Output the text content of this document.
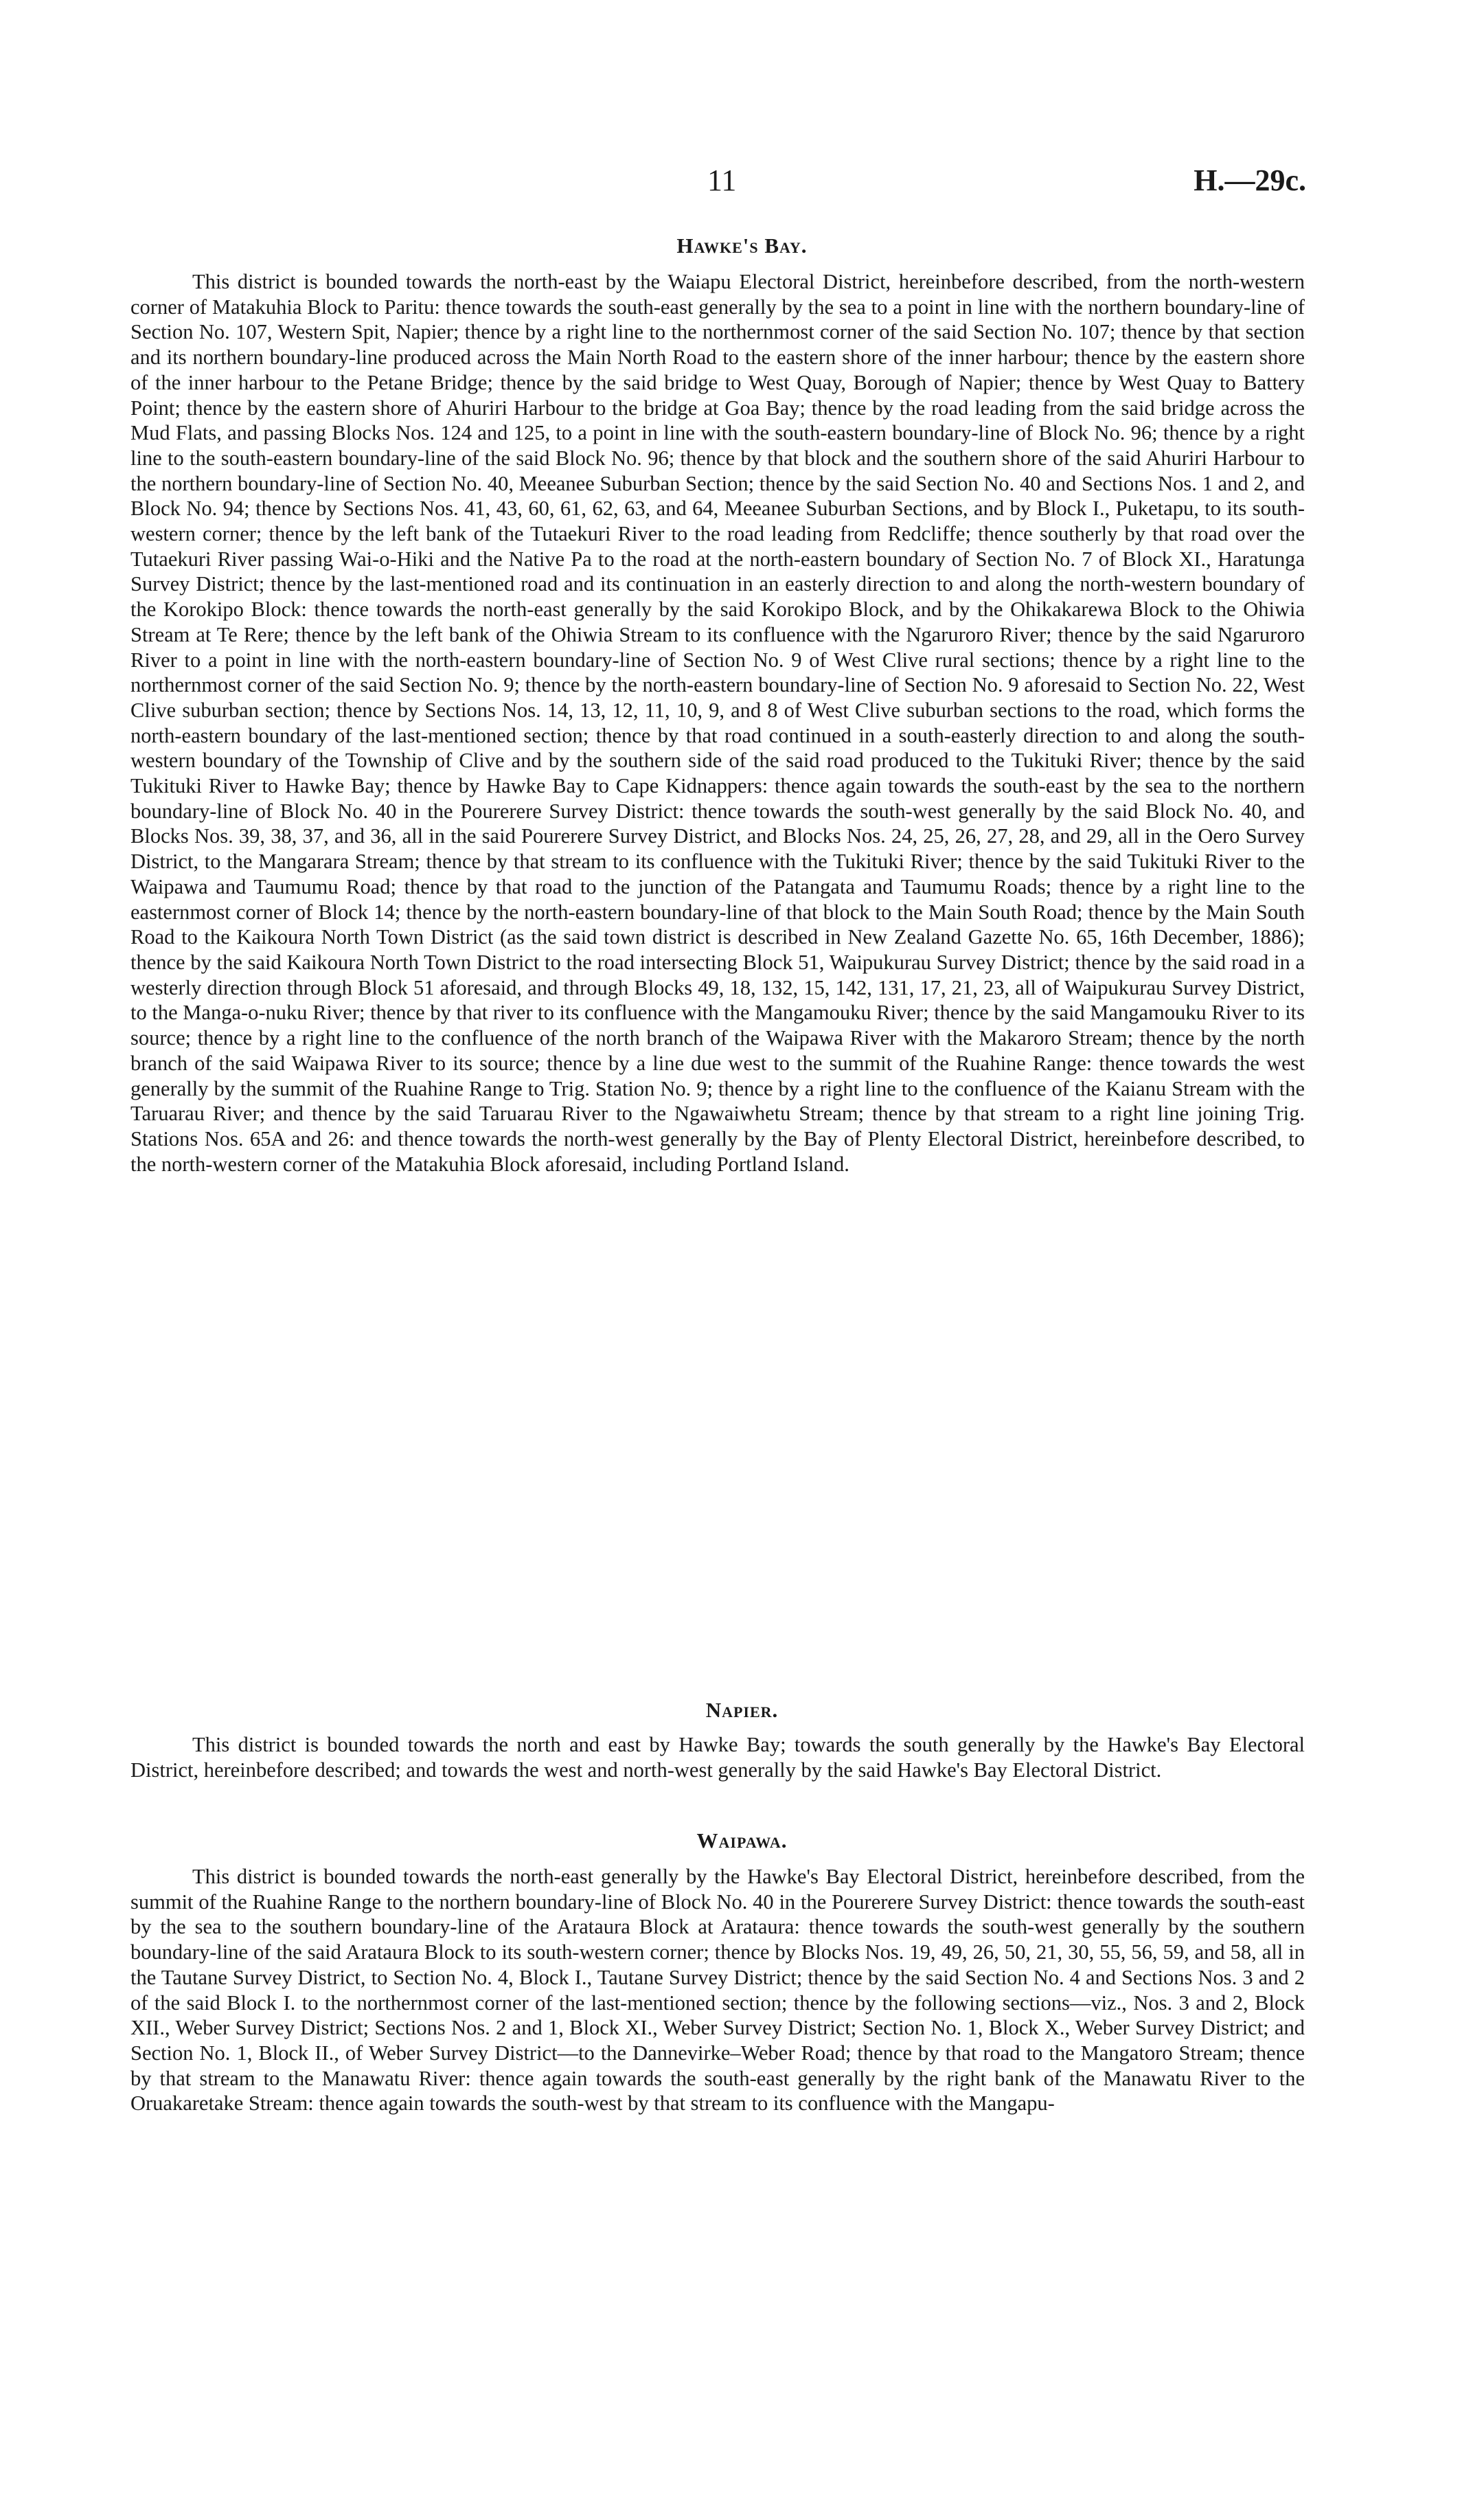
11	H.—29c.

Hawke's Bay.

This district is bounded towards the north-east by the Waiapu Electoral District, hereinbefore described, from the north-western corner of Matakuhia Block to Paritu: thence towards the south-east generally by the sea to a point in line with the northern boundary-line of Section No. 107, Western Spit, Napier; thence by a right line to the northernmost corner of the said Section No. 107; thence by that section and its northern boundary-line produced across the Main North Road to the eastern shore of the inner harbour; thence by the eastern shore of the inner harbour to the Petane Bridge; thence by the said bridge to West Quay, Borough of Napier; thence by West Quay to Battery Point; thence by the eastern shore of Ahuriri Harbour to the bridge at Goa Bay; thence by the road leading from the said bridge across the Mud Flats, and passing Blocks Nos. 124 and 125, to a point in line with the south-eastern boundary-line of Block No. 96; thence by a right line to the south-eastern boundary-line of the said Block No. 96; thence by that block and the southern shore of the said Ahuriri Harbour to the northern boundary-line of Section No. 40, Meeanee Suburban Section; thence by the said Section No. 40 and Sections Nos. 1 and 2, and Block No. 94; thence by Sections Nos. 41, 43, 60, 61, 62, 63, and 64, Meeanee Suburban Sections, and by Block I., Puketapu, to its south-western corner; thence by the left bank of the Tutaekuri River to the road leading from Redcliffe; thence southerly by that road over the Tutaekuri River passing Wai-o-Hiki and the Native Pa to the road at the north-eastern boundary of Section No. 7 of Block XI., Haratunga Survey District; thence by the last-mentioned road and its continuation in an easterly direction to and along the north-western boundary of the Korokipo Block: thence towards the north-east generally by the said Korokipo Block, and by the Ohikakarewa Block to the Ohiwia Stream at Te Rere; thence by the left bank of the Ohiwia Stream to its confluence with the Ngaruroro River; thence by the said Ngaruroro River to a point in line with the north-eastern boundary-line of Section No. 9 of West Clive rural sections; thence by a right line to the northernmost corner of the said Section No. 9; thence by the north-eastern boundary-line of Section No. 9 aforesaid to Section No. 22, West Clive suburban section; thence by Sections Nos. 14, 13, 12, 11, 10, 9, and 8 of West Clive suburban sections to the road, which forms the north-eastern boundary of the last-mentioned section; thence by that road continued in a south-easterly direction to and along the south-western boundary of the Township of Clive and by the southern side of the said road produced to the Tukituki River; thence by the said Tukituki River to Hawke Bay; thence by Hawke Bay to Cape Kidnappers: thence again towards the south-east by the sea to the northern boundary-line of Block No. 40 in the Pourerere Survey District: thence towards the south-west generally by the said Block No. 40, and Blocks Nos. 39, 38, 37, and 36, all in the said Pourerere Survey District, and Blocks Nos. 24, 25, 26, 27, 28, and 29, all in the Oero Survey District, to the Mangarara Stream; thence by that stream to its confluence with the Tukituki River; thence by the said Tukituki River to the Waipawa and Taumumu Road; thence by that road to the junction of the Patangata and Taumumu Roads; thence by a right line to the easternmost corner of Block 14; thence by the north-eastern boundary-line of that block to the Main South Road; thence by the Main South Road to the Kaikoura North Town District (as the said town district is described in New Zealand Gazette No. 65, 16th December, 1886); thence by the said Kaikoura North Town District to the road intersecting Block 51, Waipukurau Survey District; thence by the said road in a westerly direction through Block 51 aforesaid, and through Blocks 49, 18, 132, 15, 142, 131, 17, 21, 23, all of Waipukurau Survey District, to the Manga-o-nuku River; thence by that river to its confluence with the Mangamouku River; thence by the said Mangamouku River to its source; thence by a right line to the confluence of the north branch of the Waipawa River with the Makaroro Stream; thence by the north branch of the said Waipawa River to its source; thence by a line due west to the summit of the Ruahine Range: thence towards the west generally by the summit of the Ruahine Range to Trig. Station No. 9; thence by a right line to the confluence of the Kaianu Stream with the Taruarau River; and thence by the said Taruarau River to the Ngawaiwhetu Stream; thence by that stream to a right line joining Trig. Stations Nos. 65A and 26: and thence towards the north-west generally by the Bay of Plenty Electoral District, hereinbefore described, to the north-western corner of the Matakuhia Block aforesaid, including Portland Island.

Napier.

This district is bounded towards the north and east by Hawke Bay; towards the south generally by the Hawke's Bay Electoral District, hereinbefore described; and towards the west and north-west generally by the said Hawke's Bay Electoral District.

Waipawa.

This district is bounded towards the north-east generally by the Hawke's Bay Electoral District, hereinbefore described, from the summit of the Ruahine Range to the northern boundary-line of Block No. 40 in the Pourerere Survey District: thence towards the south-east by the sea to the southern boundary-line of the Arataura Block at Arataura: thence towards the south-west generally by the southern boundary-line of the said Arataura Block to its south-western corner; thence by Blocks Nos. 19, 49, 26, 50, 21, 30, 55, 56, 59, and 58, all in the Tautane Survey District, to Section No. 4, Block I., Tautane Survey District; thence by the said Section No. 4 and Sections Nos. 3 and 2 of the said Block I. to the northernmost corner of the last-mentioned section; thence by the following sections—viz., Nos. 3 and 2, Block XII., Weber Survey District; Sections Nos. 2 and 1, Block XI., Weber Survey District; Section No. 1, Block X., Weber Survey District; and Section No. 1, Block II., of Weber Survey District—to the Dannevirke–Weber Road; thence by that road to the Mangatoro Stream; thence by that stream to the Manawatu River: thence again towards the south-east generally by the right bank of the Manawatu River to the Oruakaretake Stream: thence again towards the south-west by that stream to its confluence with the Mangapu-
